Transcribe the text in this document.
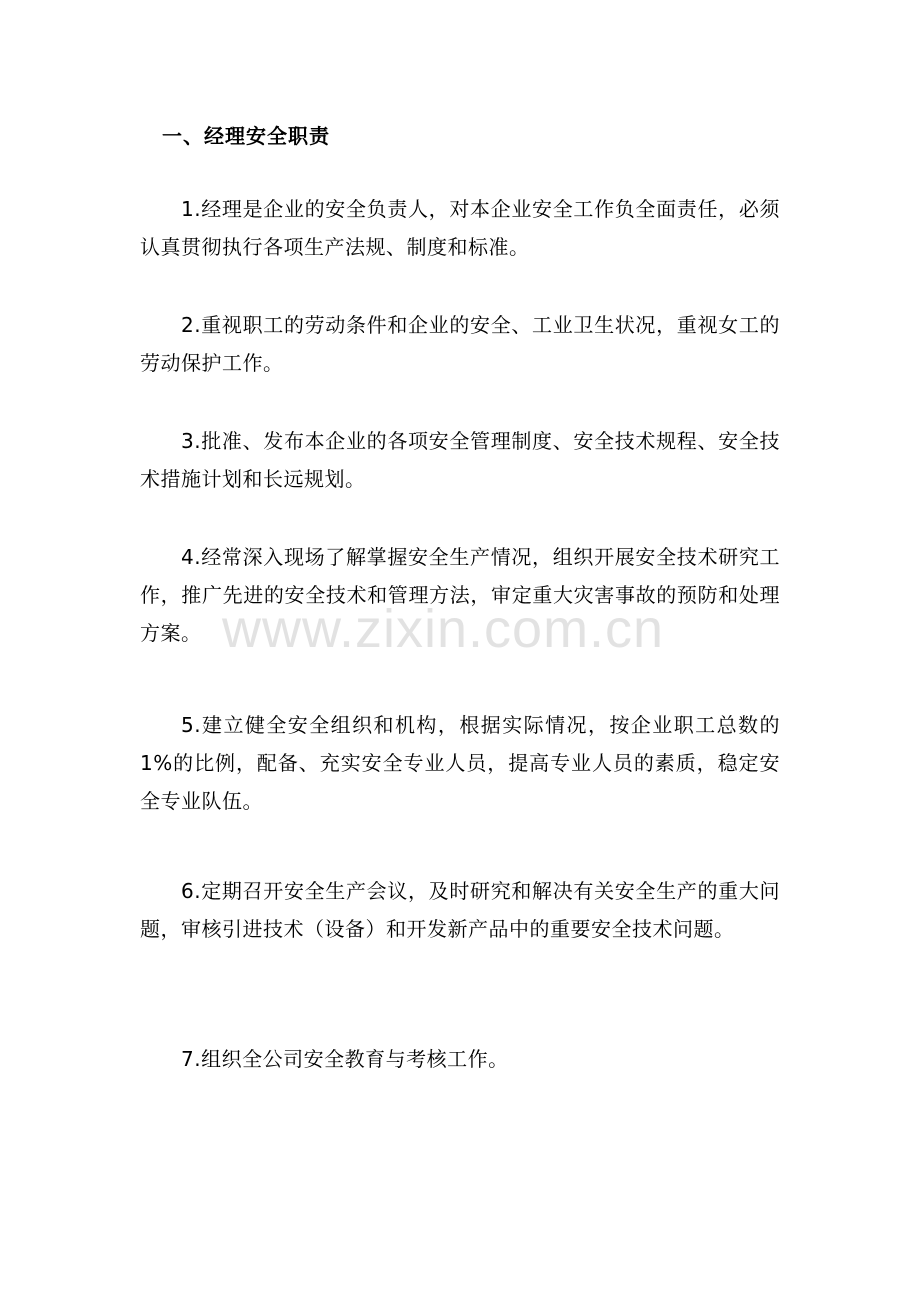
一、经理安全职责

1.经理是企业的安全负责人，对本企业安全工作负全面责任，必须认真贯彻执行各项生产法规、制度和标准。

2.重视职工的劳动条件和企业的安全、工业卫生状况，重视女工的劳动保护工作。

3.批准、发布本企业的各项安全管理制度、安全技术规程、安全技术措施计划和长远规划。

4.经常深入现场了解掌握安全生产情况，组织开展安全技术研究工作，推广先进的安全技术和管理方法，审定重大灾害事故的预防和处理方案。

5.建立健全安全组织和机构，根据实际情况，按企业职工总数的 1%的比例，配备、充实安全专业人员，提高专业人员的素质，稳定安全专业队伍。

6.定期召开安全生产会议，及时研究和解决有关安全生产的重大问题，审核引进技术（设备）和开发新产品中的重要安全技术问题。

7.组织全公司安全教育与考核工作。

www.zixin.com.cn
